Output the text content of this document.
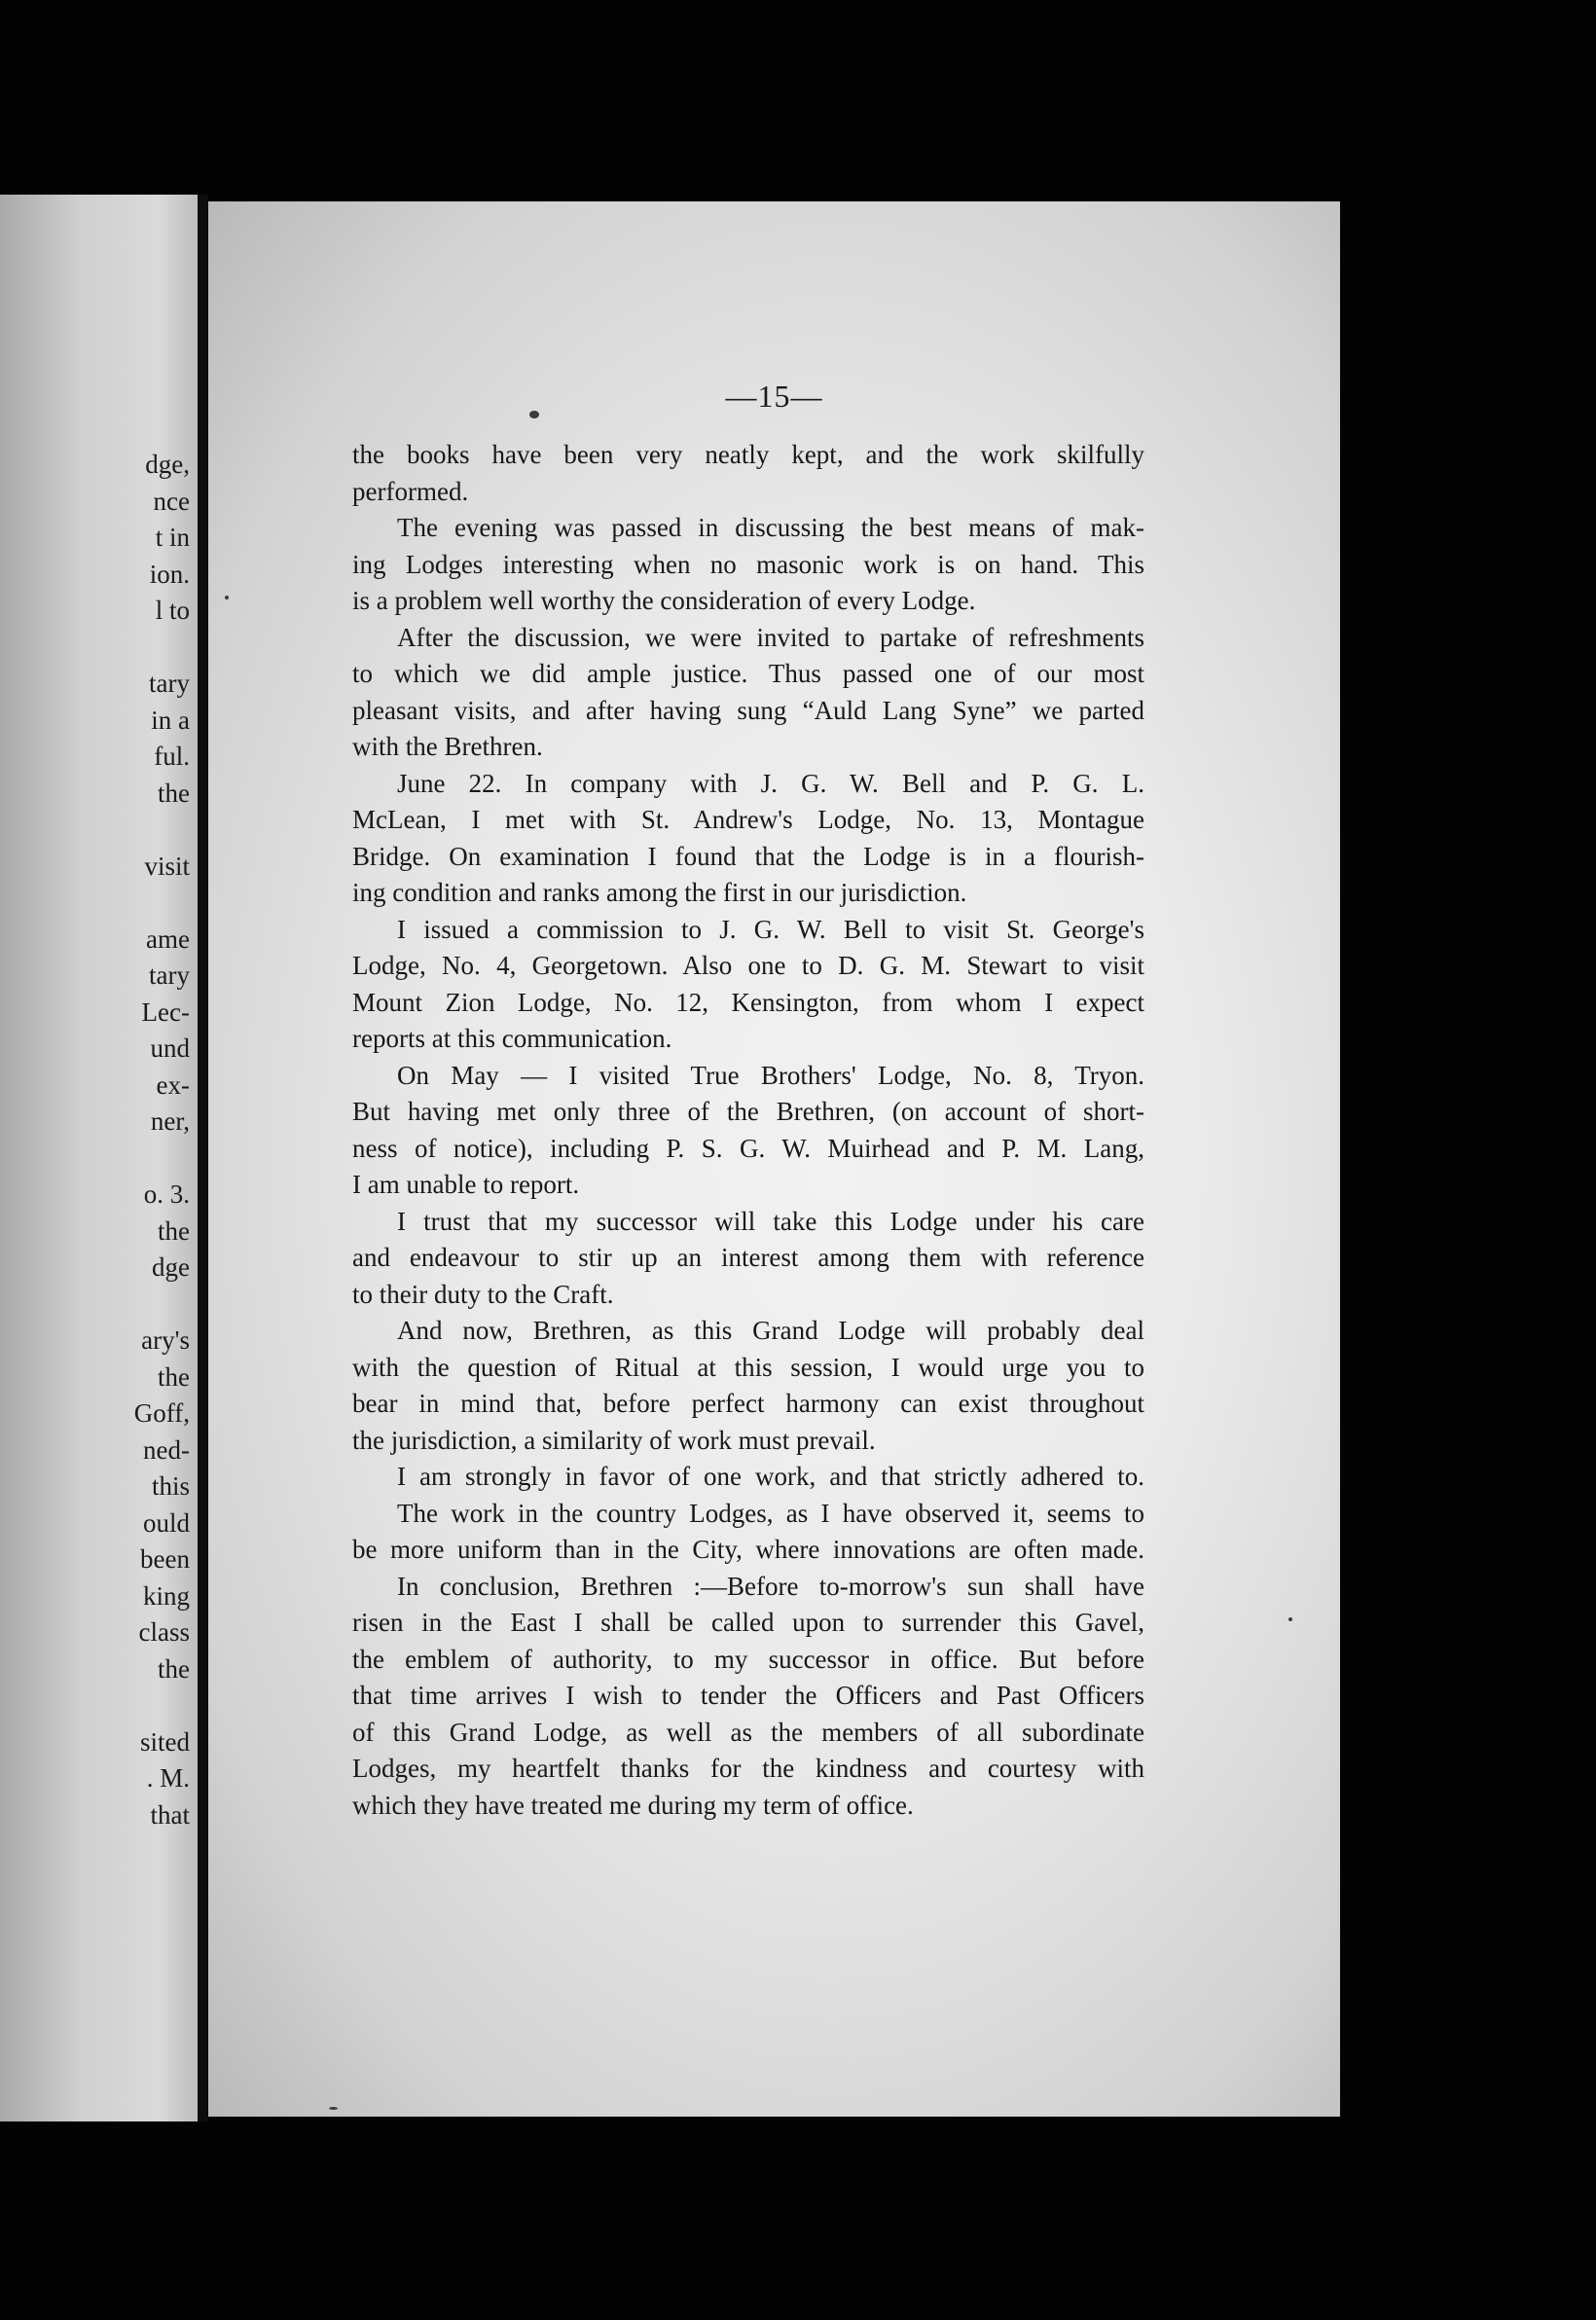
dge,
nce
t in
ion.
l to
tary
in a
ful.
the
visit
ame
tary
Lec-
und
ex-
ner,
o. 3.
the
dge
ary's
the
Goff,
ned-
this
ould
been
king
class
the
sited
. M.
that
—15—
the books have been very neatly kept, and the work skilfully
performed.
The evening was passed in discussing the best means of mak-
ing Lodges interesting when no masonic work is on hand. This
is a problem well worthy the consideration of every Lodge.
After the discussion, we were invited to partake of refreshments
to which we did ample justice. Thus passed one of our most
pleasant visits, and after having sung “Auld Lang Syne” we parted
with the Brethren.
June 22. In company with J. G. W. Bell and P. G. L.
McLean, I met with St. Andrew's Lodge, No. 13, Montague
Bridge. On examination I found that the Lodge is in a flourish-
ing condition and ranks among the first in our jurisdiction.
I issued a commission to J. G. W. Bell to visit St. George's
Lodge, No. 4, Georgetown. Also one to D. G. M. Stewart to visit
Mount Zion Lodge, No. 12, Kensington, from whom I expect
reports at this communication.
On May — I visited True Brothers' Lodge, No. 8, Tryon.
But having met only three of the Brethren, (on account of short-
ness of notice), including P. S. G. W. Muirhead and P. M. Lang,
I am unable to report.
I trust that my successor will take this Lodge under his care
and endeavour to stir up an interest among them with reference
to their duty to the Craft.
And now, Brethren, as this Grand Lodge will probably deal
with the question of Ritual at this session, I would urge you to
bear in mind that, before perfect harmony can exist throughout
the jurisdiction, a similarity of work must prevail.
I am strongly in favor of one work, and that strictly adhered to.
The work in the country Lodges, as I have observed it, seems to
be more uniform than in the City, where innovations are often made.
In conclusion, Brethren :—Before to-morrow's sun shall have
risen in the East I shall be called upon to surrender this Gavel,
the emblem of authority, to my successor in office. But before
that time arrives I wish to tender the Officers and Past Officers
of this Grand Lodge, as well as the members of all subordinate
Lodges, my heartfelt thanks for the kindness and courtesy with
which they have treated me during my term of office.
